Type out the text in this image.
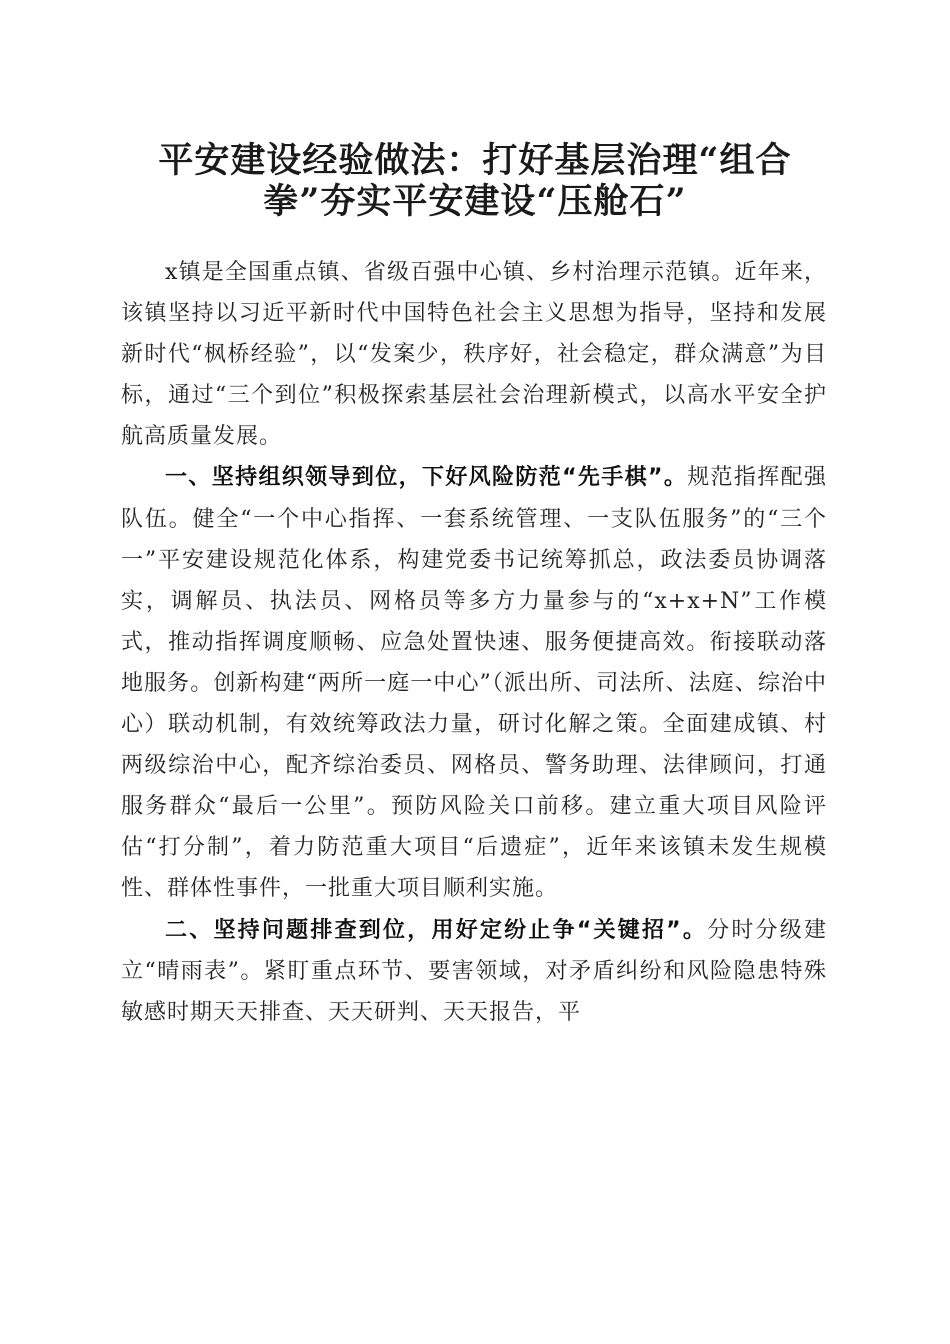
平安建设经验做法：打好基层治理“组合拳”夯实平安建设“压舱石”

x镇是全国重点镇、省级百强中心镇、乡村治理示范镇。近年来，该镇坚持以习近平新时代中国特色社会主义思想为指导，坚持和发展新时代“枫桥经验”，以“发案少，秩序好，社会稳定，群众满意”为目标，通过“三个到位”积极探索基层社会治理新模式，以高水平安全护航高质量发展。

一、坚持组织领导到位，下好风险防范“先手棋”。规范指挥配强队伍。健全“一个中心指挥、一套系统管理、一支队伍服务”的“三个一”平安建设规范化体系，构建党委书记统筹抓总，政法委员协调落实，调解员、执法员、网格员等多方力量参与的“x+x+N”工作模式，推动指挥调度顺畅、应急处置快速、服务便捷高效。衔接联动落地服务。创新构建“两所一庭一中心”（派出所、司法所、法庭、综治中心）联动机制，有效统筹政法力量，研讨化解之策。全面建成镇、村两级综治中心，配齐综治委员、网格员、警务助理、法律顾问，打通服务群众“最后一公里”。预防风险关口前移。建立重大项目风险评估“打分制”，着力防范重大项目“后遗症”，近年来该镇未发生规模性、群体性事件，一批重大项目顺利实施。

二、坚持问题排查到位，用好定纷止争“关键招”。分时分级建立“晴雨表”。紧盯重点环节、要害领域，对矛盾纠纷和风险隐患特殊敏感时期天天排查、天天研判、天天报告，平
